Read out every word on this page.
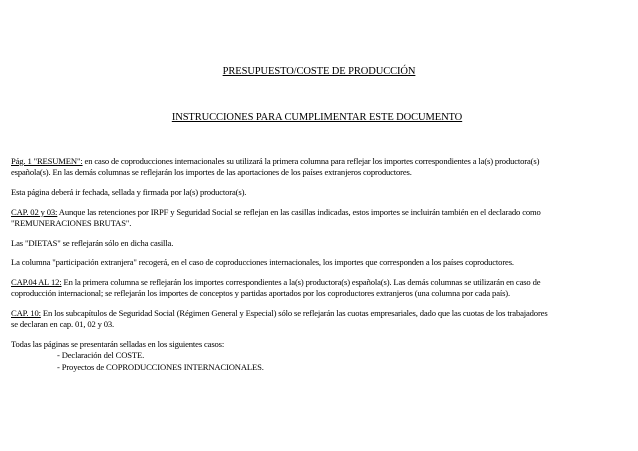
PRESUPUESTO/COSTE DE PRODUCCIÓN
INSTRUCCIONES PARA CUMPLIMENTAR ESTE DOCUMENTO
Pág. 1 "RESUMEN": en caso de coproducciones internacionales su utilizará la primera columna para reflejar los importes correspondientes a la(s) productora(s)
española(s). En las demás columnas se reflejarán los importes de las aportaciones de los países extranjeros coproductores.
Esta página deberá ir fechada, sellada y firmada por la(s) productora(s).
CAP. 02 y 03: Aunque las retenciones por IRPF y Seguridad Social se reflejan en las casillas indicadas, estos importes se incluirán también en el declarado como
"REMUNERACIONES BRUTAS".
Las "DIETAS" se reflejarán sólo en dicha casilla.
La columna "participación extranjera" recogerá, en el caso de coproducciones internacionales, los importes que corresponden a los países coproductores.
CAP.04 AL 12: En la primera columna se reflejarán los importes correspondientes a la(s) productora(s) española(s). Las demás columnas se utilizarán en caso de
coproducción internacional; se reflejarán los importes de conceptos y partidas aportados por los coproductores extranjeros (una columna por cada país).
CAP. 10: En los subcapítulos de Seguridad Social (Régimen General y Especial) sólo se reflejarán las cuotas empresariales, dado que las cuotas de los trabajadores
se declaran en cap. 01, 02 y 03.
Todas las páginas se presentarán selladas en los siguientes casos:
- Declaración del COSTE.
- Proyectos de COPRODUCCIONES INTERNACIONALES.
